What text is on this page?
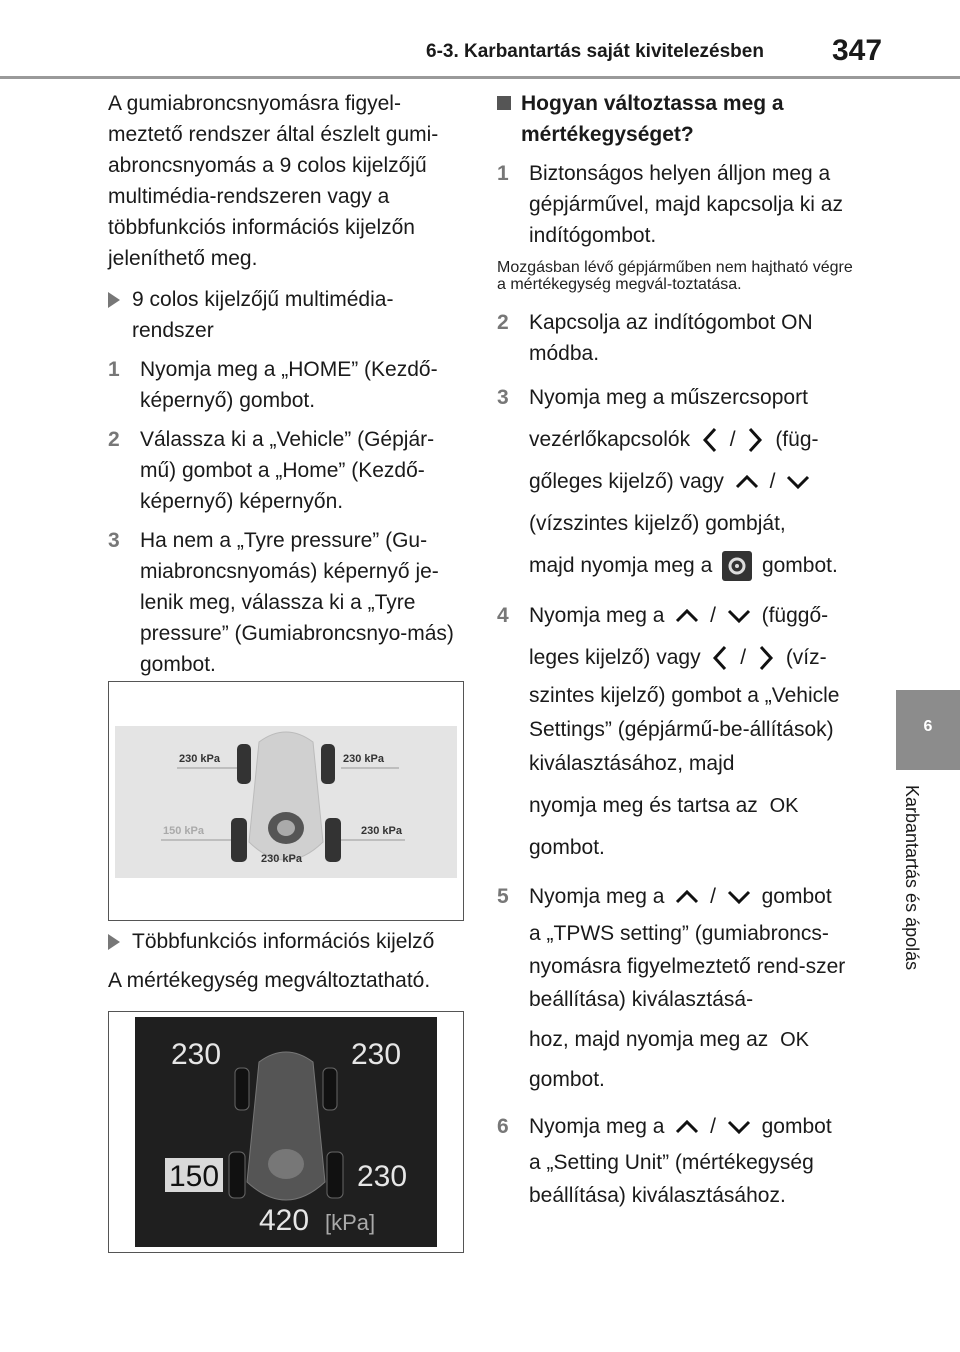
6-3. Karbantartás saját kivitelezésben 347
6
Karbantartás és ápolás

A gumiabroncsnyomásra figyel-meztető rendszer által észlelt gumi-abroncsnyomás a 9 colos kijelzőjű multimédia-rendszeren vagy a többfunkciós információs kijelzőn jeleníthető meg.

9 colos kijelzőjű multimédia-rendszer
1 Nyomja meg a „HOME” (Kezdő-képernyő) gombot.
2 Válassza ki a „Vehicle” (Gépjár-mű) gombot a „Home” (Kezdő-képernyő) képernyőn.
3 Ha nem a „Tyre pressure” (Gu-miabroncsnyomás) képernyő je-lenik meg, válassza ki a „Tyre pressure” (Gumiabroncsnyo-más) gombot.
230 kPa	230 kPa
150 kPa	230 kPa
230 kPa
Többfunkciós információs kijelző

A mértékegység megváltoztatható.

230	230
150	230
420 [kPa]
Hogyan változtassa meg a mértékegységet?
1 Biztonságos helyen álljon meg a gépjárművel, majd kapcsolja ki az indítógombot.

Mozgásban lévő gépjárműben nem hajtható végre a mértékegység megvál-toztatása.

2 Kapcsolja az indítógombot ON módba.
3 Nyomja meg a műszercsoport
vezérlőkapcsolók / (füg-
gőleges kijelző) vagy /
(vízszintes kijelző) gombját,
majd nyomja meg a gombot.
4 Nyomja meg a / (függő-
leges kijelző) vagy / (víz-
szintes kijelző) gombot a „Vehicle Settings” (gépjármű-be-állítások) kiválasztásához, majd
nyomja meg és tartsa az OK
gombot.
5 Nyomja meg a / gombot
a „TPWS setting” (gumiabroncs-nyomásra figyelmeztető rend-szer beállítása) kiválasztásá-
hoz, majd nyomja meg az OK
gombot.
6 Nyomja meg a / gombot
a „Setting Unit” (mértékegység beállítása) kiválasztásához.
